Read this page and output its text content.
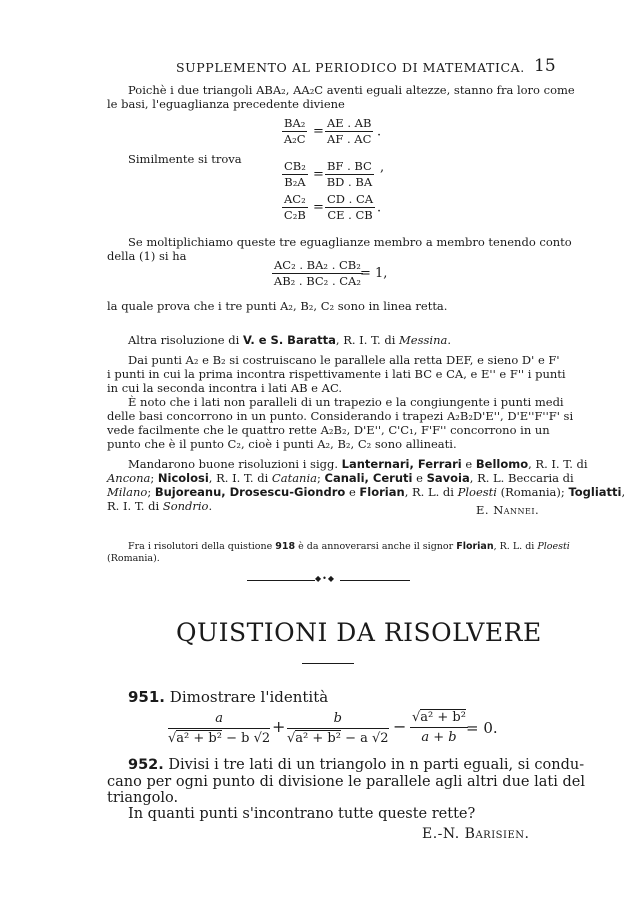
SUPPLEMENTO AL PERIODICO DI MATEMATICA. 15
Poichè i due triangoli ABA₂, AA₂C aventi eguali altezze, stanno fra loro come
le basi, l'eguaglianza precedente diviene
$\frac{\text{BA₂}}{\text{A₂C}} = \frac{AE . AB}{AF . AC}$ ·
Similmente si trova
$\frac{\text{CB₂}}{\text{B₂A}} = \frac{BF . BC}{BD . BA}$ ,
$\frac{\text{AC₂}}{\text{C₂B}} = \frac{CD . CA}{CE . CB}$ ·
Se moltiplichiamo queste tre eguaglianze membro a membro tenendo conto
della (1) si ha
$\frac{\text{AC₂ . BA₂ . CB₂}}{\text{AB₂ . BC₂ . CA₂}}$
= 1,
la quale prova che i tre punti A₂, B₂, C₂ sono in linea retta.
Altra risoluzione di V. e S. Baratta, R. I. T. di Messina.
Dai punti A₂ e B₂ si costruiscano le parallele alla retta DEF, e sieno D' e F'
i punti in cui la prima incontra rispettivamente i lati BC e CA, e E'' e F'' i punti
in cui la seconda incontra i lati AB e AC.
È noto che i lati non paralleli di un trapezio e la congiungente i punti medi
delle basi concorrono in un punto. Considerando i trapezi A₂B₂D'E'', D'E''F''F' si
vede facilmente che le quattro rette A₂B₂, D'E'', C'C₁, F'F'' concorrono in un
punto che è il punto C₂, cioè i punti A₂, B₂, C₂ sono allineati.
Mandarono buone risoluzioni i sigg. Lanternari, Ferrari e Bellomo, R. I. T. di
Ancona; Nicolosi, R. I. T. di Catania; Canali, Ceruti e Savoia, R. L. Beccaria di
Milano; Bujoreanu, Drosescu-Giondro e Florian, R. L. di Ploesti (Romania); Togliatti,
R. I. T. di Sondrio.	E. Nannei.
Fra i risolutori della quistione 918 è da annoverarsi anche il signor Florian, R. L. di Ploesti
(Romania).
◆•◆
QUISTIONI DA RISOLVERE
951. Dimostrare l'identità
$\frac{a}{\text{√a² + b² − b √2}} + \frac{b}{\text{√a² + b² − a √2}} - \frac{\text{√a² + b²}}{a + b}$
= 0.
952. Divisi i tre lati di un triangolo in n parti eguali, si condu-
cano per ogni punto di divisione le parallele agli altri due lati del
triangolo.
In quanti punti s'incontrano tutte queste rette?
E.-N. Barisien.
